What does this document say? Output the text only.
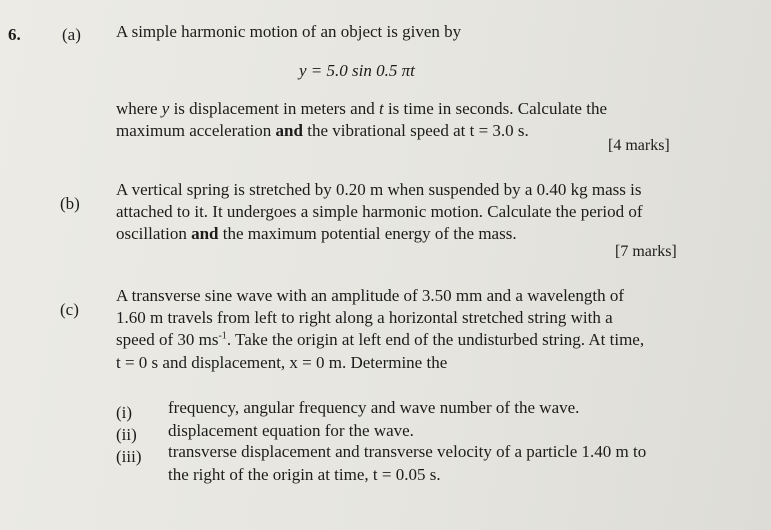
6. (a) A simple harmonic motion of an object is given by
y = 5.0 sin 0.5 πt
where y is displacement in meters and t is time in seconds. Calculate the
maximum acceleration and the vibrational speed at t = 3.0 s.
[4 marks]
(b)
A vertical spring is stretched by 0.20 m when suspended by a 0.40 kg mass is
attached to it. It undergoes a simple harmonic motion. Calculate the period of
oscillation and the maximum potential energy of the mass.
[7 marks]
(c)
A transverse sine wave with an amplitude of 3.50 mm and a wavelength of
1.60 m travels from left to right along a horizontal stretched string with a
speed of 30 $ms^{-1}$. Take the origin at left end of the undisturbed string. At time,
t = 0 s and displacement, x = 0 m. Determine the
(i) frequency, angular frequency and wave number of the wave.
(ii) displacement equation for the wave.
(iii) transverse displacement and transverse velocity of a particle 1.40 m to
the right of the origin at time, t = 0.05 s.
